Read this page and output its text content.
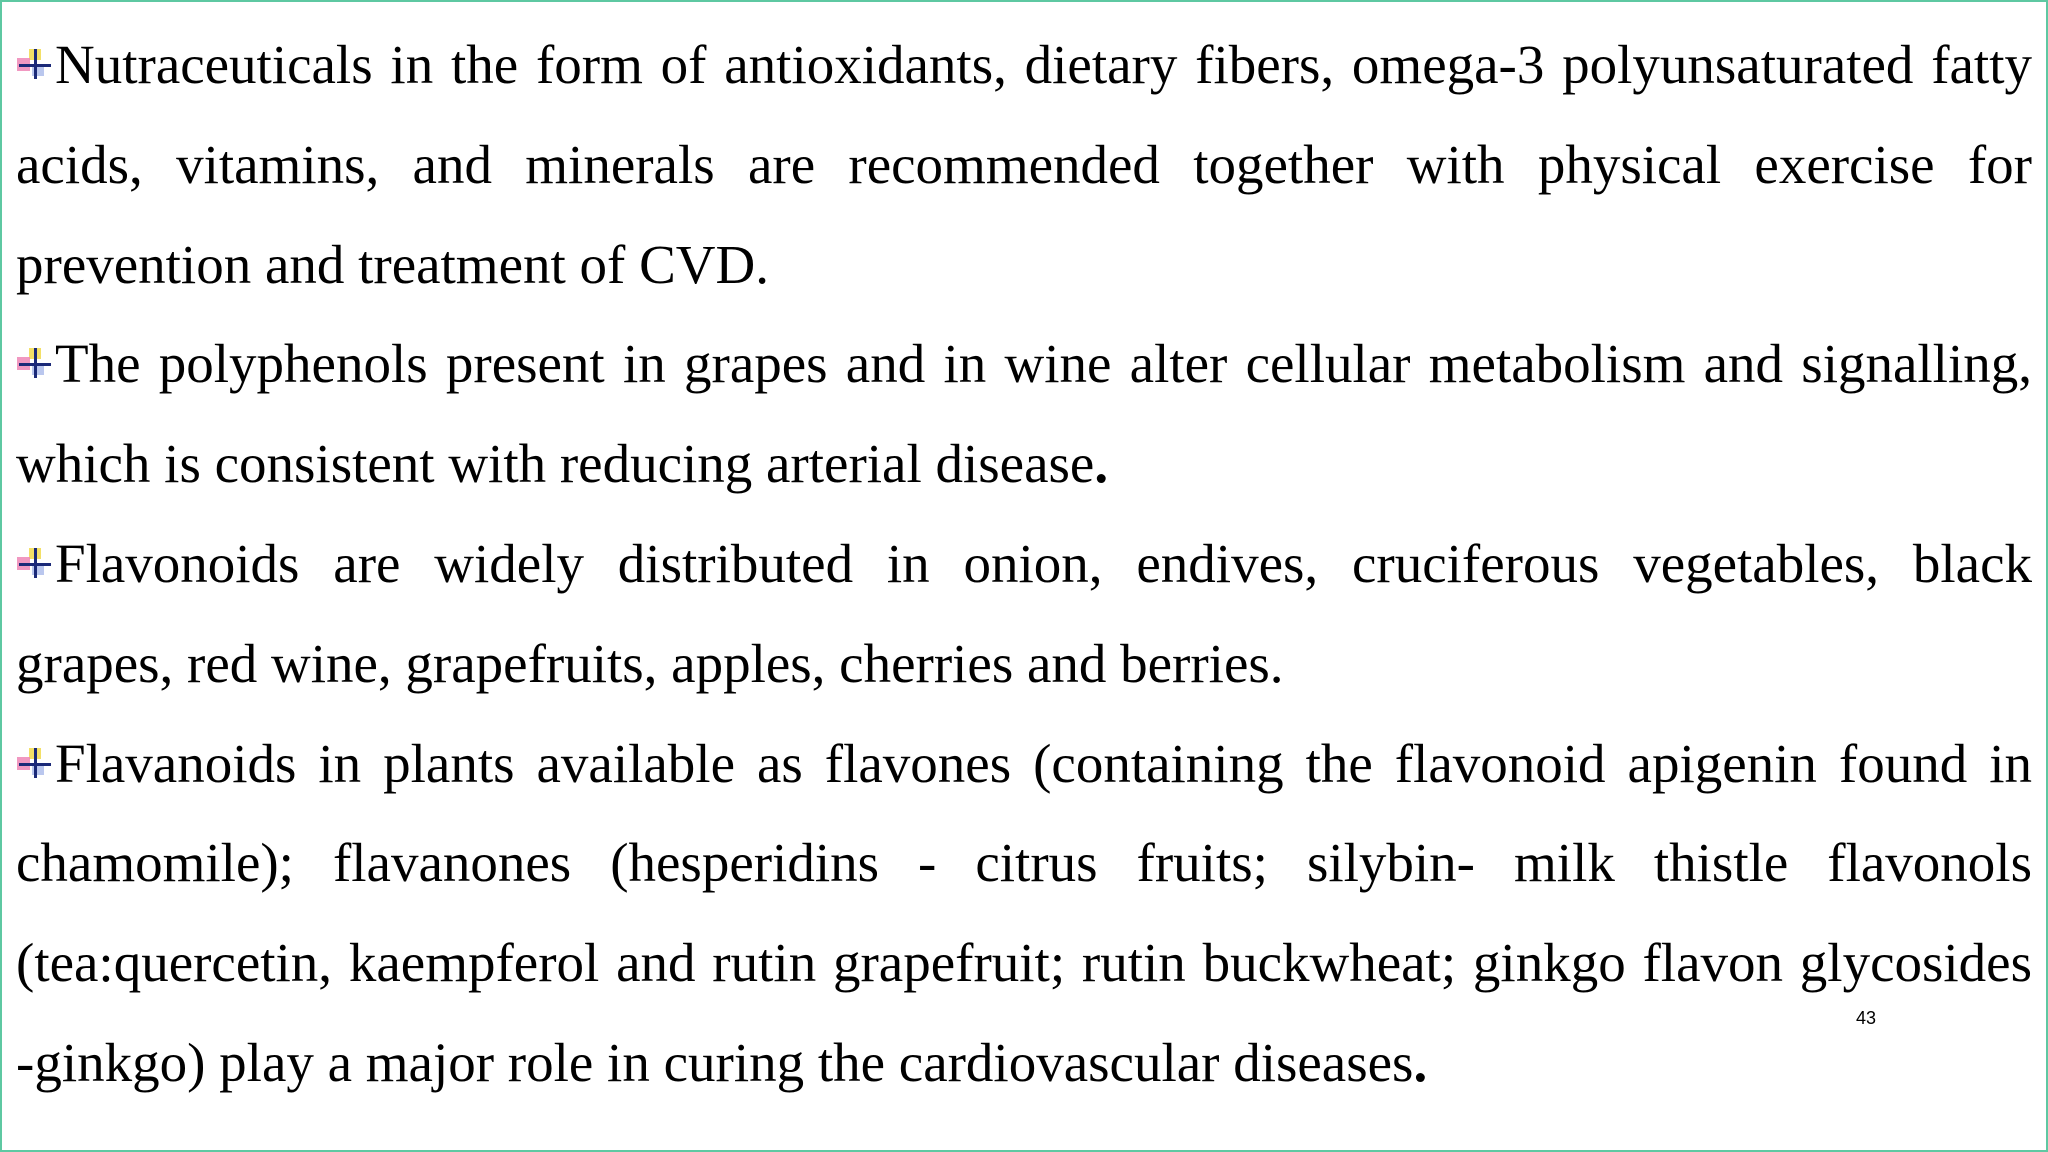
Nutraceuticals in the form of antioxidants, dietary fibers, omega-3 polyunsaturated fatty
acids, vitamins, and minerals are recommended together with physical exercise for
prevention and treatment of CVD.
The polyphenols present in grapes and in wine alter cellular metabolism and signalling,
which is consistent with reducing arterial disease.
Flavonoids are widely distributed in onion, endives, cruciferous vegetables, black
grapes, red wine, grapefruits, apples, cherries and berries.
Flavanoids in plants available as flavones (containing the flavonoid apigenin found in
chamomile); flavanones (hesperidins - citrus fruits; silybin- milk thistle flavonols
(tea:quercetin, kaempferol and rutin grapefruit; rutin buckwheat; ginkgo flavon glycosides
-ginkgo) play a major role in curing the cardiovascular diseases.
43
